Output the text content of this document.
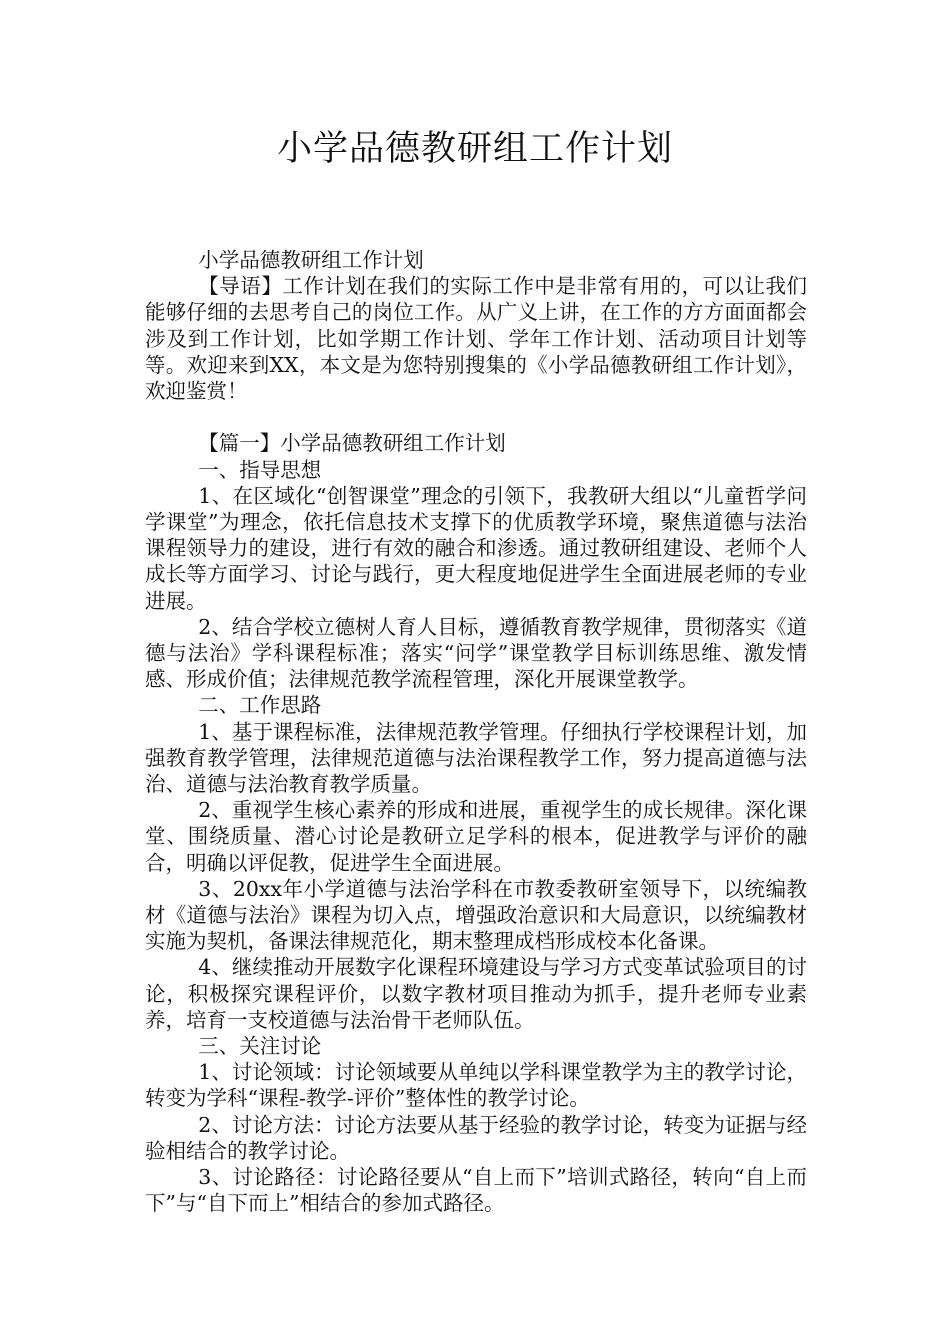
小学品德教研组工作计划

小学品德教研组工作计划

【导语】工作计划在我们的实际工作中是非常有用的，可以让我们能够仔细的去思考自己的岗位工作。从广义上讲，在工作的方方面面都会涉及到工作计划，比如学期工作计划、学年工作计划、活动项目计划等等。欢迎来到XX，本文是为您特别搜集的《小学品德教研组工作计划》，欢迎鉴赏！

【篇一】小学品德教研组工作计划

一、指导思想

1、在区域化“创智课堂”理念的引领下，我教研大组以“儿童哲学问学课堂”为理念，依托信息技术支撑下的优质教学环境，聚焦道德与法治课程领导力的建设，进行有效的融合和渗透。通过教研组建设、老师个人成长等方面学习、讨论与践行，更大程度地促进学生全面进展老师的专业进展。

2、结合学校立德树人育人目标，遵循教育教学规律，贯彻落实《道德与法治》学科课程标准；落实“问学”课堂教学目标训练思维、激发情感、形成价值；法律规范教学流程管理，深化开展课堂教学。

二、工作思路

1、基于课程标准，法律规范教学管理。仔细执行学校课程计划，加强教育教学管理，法律规范道德与法治课程教学工作，努力提高道德与法治、道德与法治教育教学质量。

2、重视学生核心素养的形成和进展，重视学生的成长规律。深化课堂、围绕质量、潜心讨论是教研立足学科的根本，促进教学与评价的融合，明确以评促教，促进学生全面进展。

3、20xx年小学道德与法治学科在市教委教研室领导下，以统编教材《道德与法治》课程为切入点，增强政治意识和大局意识，以统编教材实施为契机，备课法律规范化，期末整理成档形成校本化备课。

4、继续推动开展数字化课程环境建设与学习方式变革试验项目的讨论，积极探究课程评价，以数字教材项目推动为抓手，提升老师专业素养，培育一支校道德与法治骨干老师队伍。

三、关注讨论

1、讨论领域：讨论领域要从单纯以学科课堂教学为主的教学讨论，转变为学科“课程-教学-评价”整体性的教学讨论。

2、讨论方法：讨论方法要从基于经验的教学讨论，转变为证据与经验相结合的教学讨论。

3、讨论路径：讨论路径要从“自上而下”培训式路径，转向“自上而下”与“自下而上”相结合的参加式路径。
